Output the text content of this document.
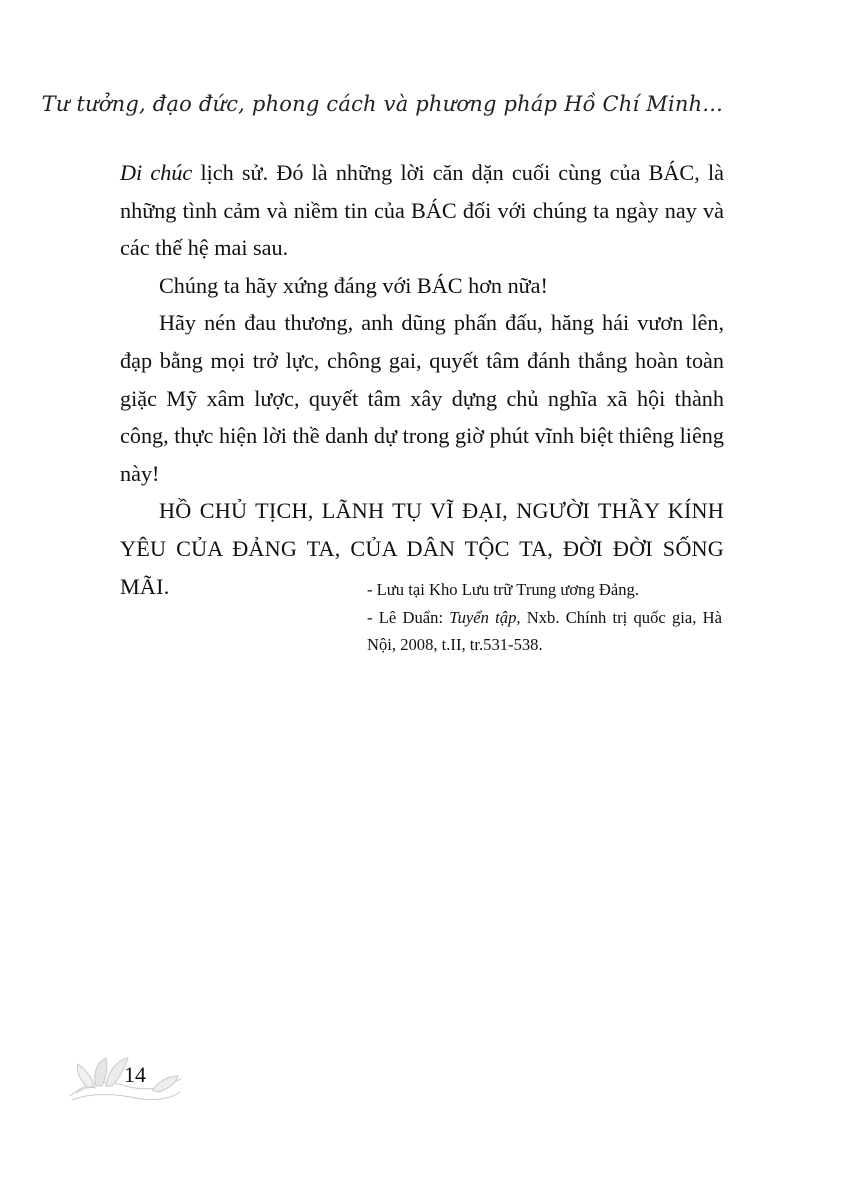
Tư tưởng, đạo đức, phong cách và phương pháp Hồ Chí Minh...

Di chúc lịch sử. Đó là những lời căn dặn cuối cùng của BÁC, là những tình cảm và niềm tin của BÁC đối với chúng ta ngày nay và các thế hệ mai sau.

Chúng ta hãy xứng đáng với BÁC hơn nữa!

Hãy nén đau thương, anh dũng phấn đấu, hăng hái vươn lên, đạp bằng mọi trở lực, chông gai, quyết tâm đánh thắng hoàn toàn giặc Mỹ xâm lược, quyết tâm xây dựng chủ nghĩa xã hội thành công, thực hiện lời thề danh dự trong giờ phút vĩnh biệt thiêng liêng này!

HỒ CHỦ TỊCH, LÃNH TỤ VĨ ĐẠI, NGƯỜI THẦY KÍNH YÊU CỦA ĐẢNG TA, CỦA DÂN TỘC TA, ĐỜI ĐỜI SỐNG MÃI.	- Lưu tại Kho Lưu trữ Trung ương Đảng.

- Lê Duẩn: Tuyển tập, Nxb. Chính trị quốc gia, Hà Nội, 2008, t.II, tr.531-538.

14
